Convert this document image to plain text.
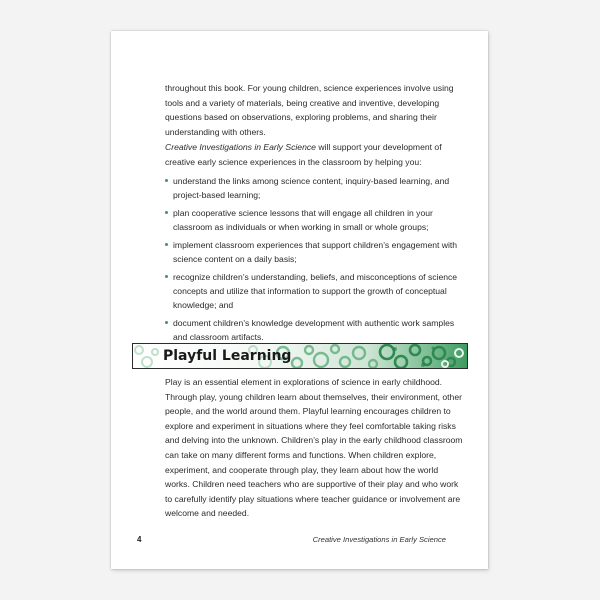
throughout this book. For young children, science experiences involve using tools and a variety of materials, being creative and inventive, developing questions based on observations, exploring problems, and sharing their understanding with others.

Creative Investigations in Early Science will support your development of creative early science experiences in the classroom by helping you:

understand the links among science content, inquiry-based learning, and project-based learning;
plan cooperative science lessons that will engage all children in your classroom as individuals or when working in small or whole groups;
implement classroom experiences that support children’s engagement with science content on a daily basis;
recognize children’s understanding, beliefs, and misconceptions of science concepts and utilize that information to support the growth of conceptual knowledge; and
document children’s knowledge development with authentic work samples and classroom artifacts.
Playful Learning

Play is an essential element in explorations of science in early childhood. Through play, young children learn about themselves, their environment, other people, and the world around them. Playful learning encourages children to explore and experiment in situations where they feel comfortable taking risks and delving into the unknown. Children’s play in the early childhood classroom can take on many different forms and functions. When children explore, experiment, and cooperate through play, they learn about how the world works. Children need teachers who are supportive of their play and who work to carefully identify play situations where teacher guidance or involvement are welcome and needed.

4	Creative Investigations in Early Science
